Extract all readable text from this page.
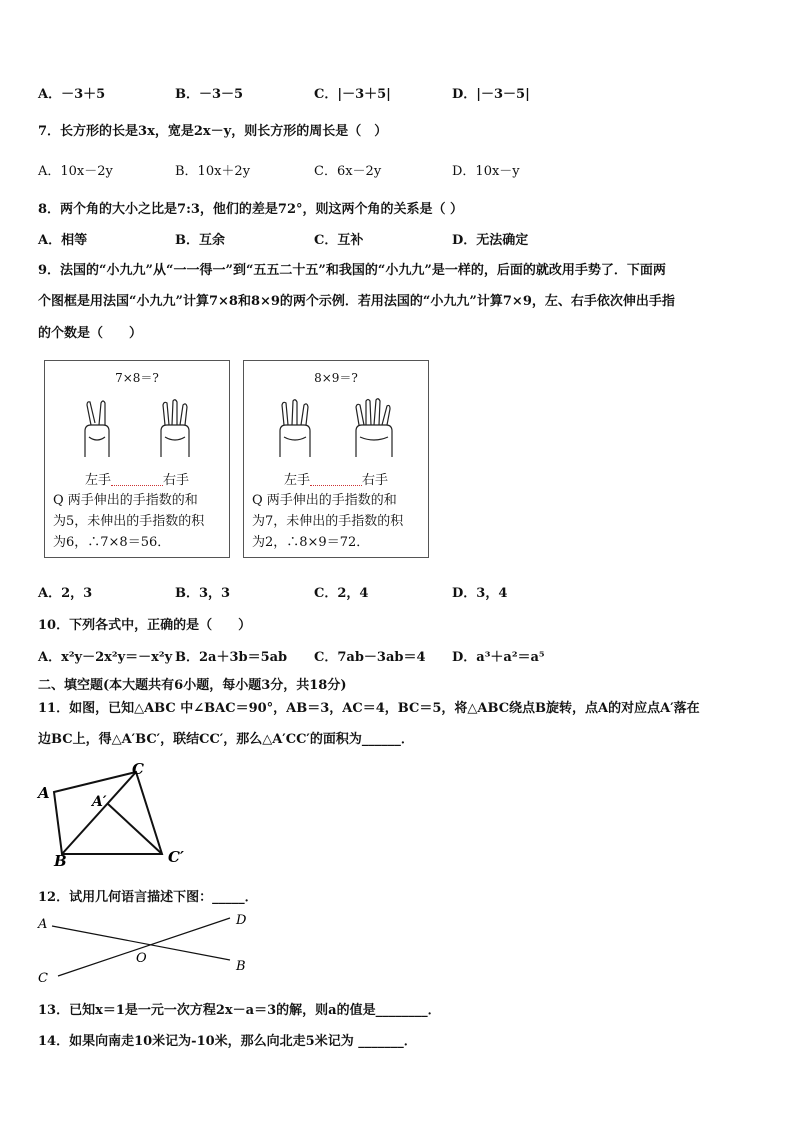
A．－3＋5	B．－3－5	C．|－3＋5|	D．|－3－5|
7．长方形的长是3x，宽是2x－y，则长方形的周长是（　）
A．10x－2y	B．10x＋2y	C．6x－2y	D．10x－y
8．两个角的大小之比是7:3，他们的差是72°，则这两个角的关系是（ ）
A．相等	B．互余	C．互补	D．无法确定
9．法国的“小九九”从“一一得一”到“五五二十五”和我国的“小九九”是一样的，后面的就改用手势了．下面两
个图框是用法国“小九九”计算7×8和8×9的两个示例．若用法国的“小九九”计算7×9，左、右手依次伸出手指
的个数是（　　）
7×8＝?
左手	右手
Q 两手伸出的手指数的和
为5，未伸出的手指数的积
为6，∴7×8＝56．
8×9＝?
左手	右手
Q 两手伸出的手指数的和
为7，未伸出的手指数的积
为2，∴8×9＝72．
A．2，3	B．3，3	C．2，4	D．3，4
10．下列各式中，正确的是（　　）
A．x²y－2x²y＝－x²y B．2a＋3b＝5ab C．7ab－3ab＝4 D．a³＋a²＝a⁵
二、填空题(本大题共有6小题，每小题3分，共18分)
11．如图，已知△ABC 中∠BAC＝90°，AB＝3，AC＝4，BC＝5，将△ABC绕点B旋转，点A的对应点A′落在
边BC上，得△A′BC′，联结CC′，那么△A′CC′的面积为______．
A	A′
C
B	C′
12．试用几何语言描述下图：_____．
A	D
O
B
C
13．已知x＝1是一元一次方程2x－a＝3的解，则a的值是________．
14．如果向南走10米记为-10米，那么向北走5米记为 _______．
